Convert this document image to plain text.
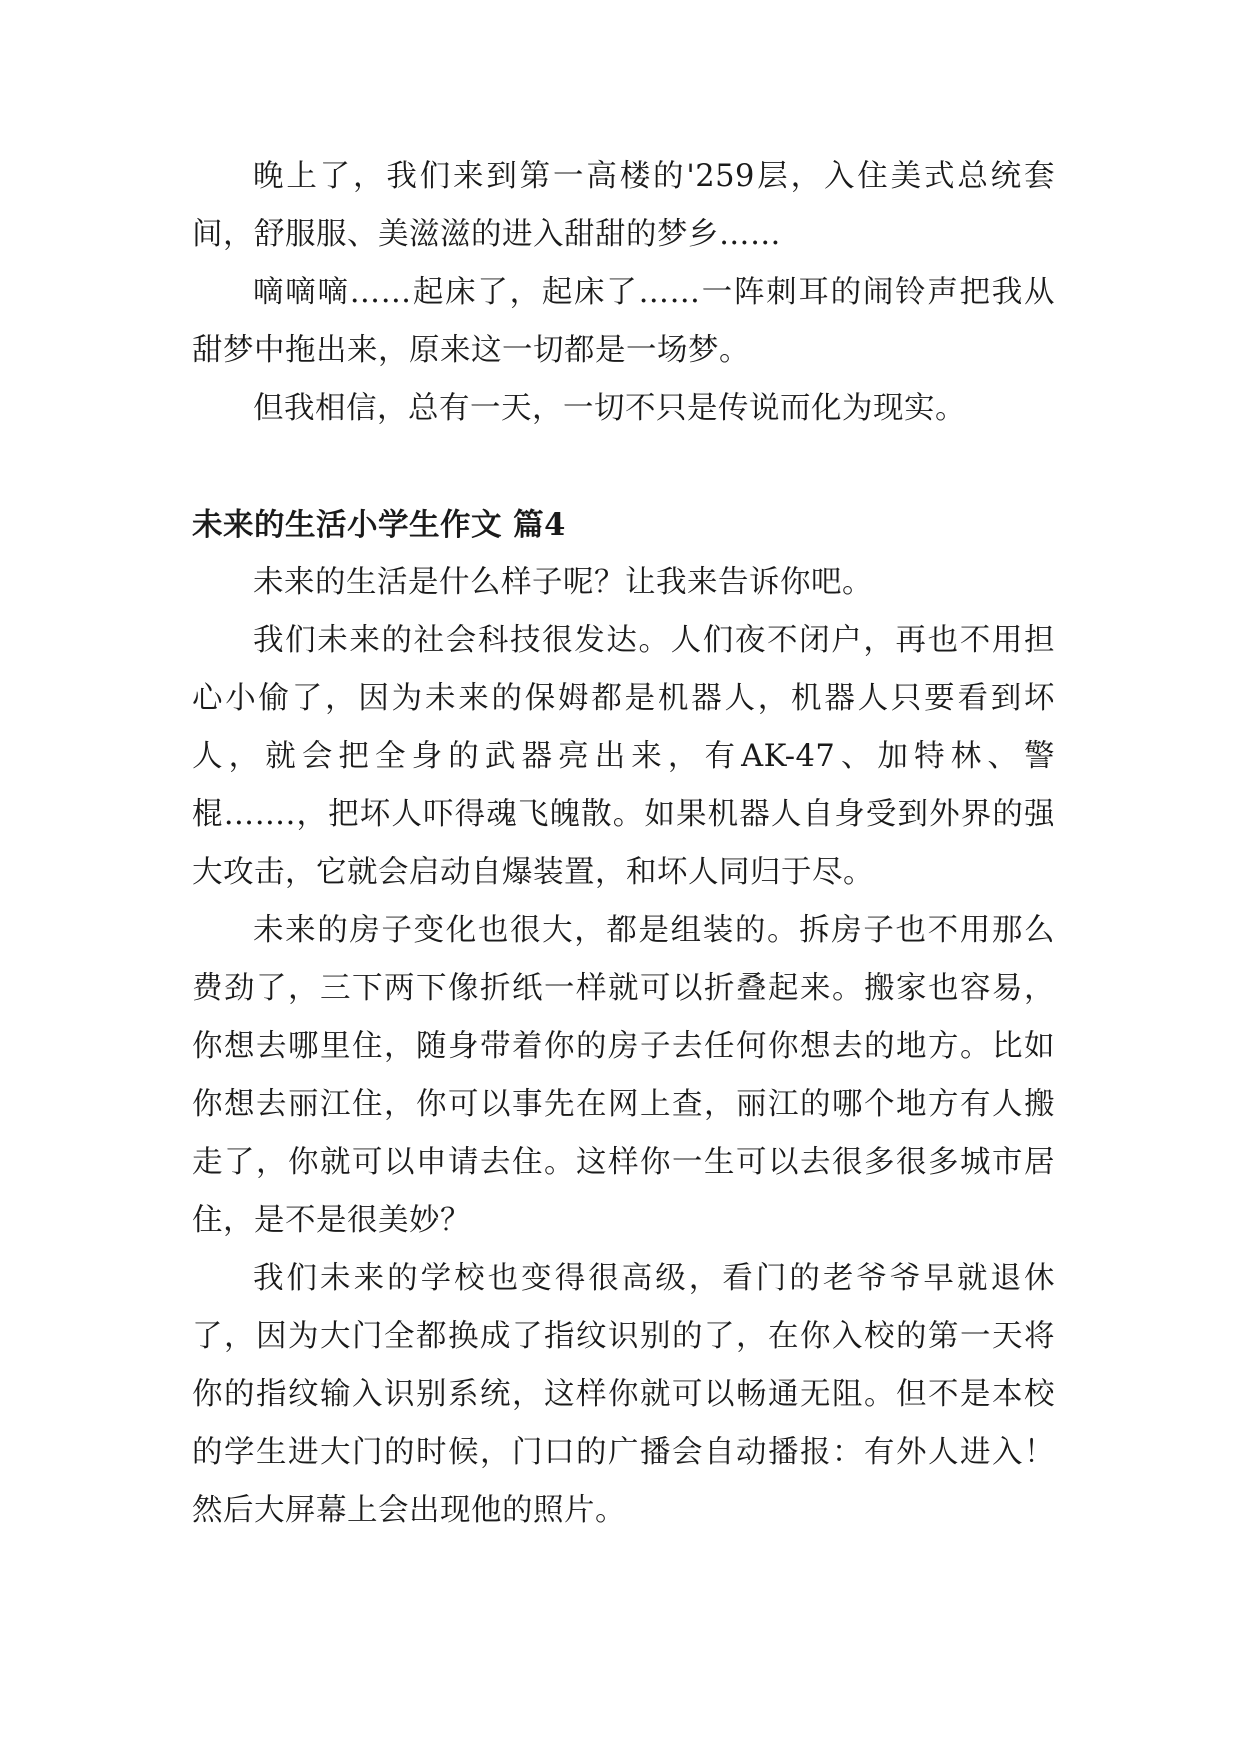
晚上了，我们来到第一高楼的'259层，入住美式总统套间，舒服服、美滋滋的进入甜甜的梦乡……

嘀嘀嘀……起床了，起床了……一阵刺耳的闹铃声把我从甜梦中拖出来，原来这一切都是一场梦。

但我相信，总有一天，一切不只是传说而化为现实。

未来的生活小学生作文 篇4

未来的生活是什么样子呢？让我来告诉你吧。

我们未来的社会科技很发达。人们夜不闭户，再也不用担心小偷了，因为未来的保姆都是机器人，机器人只要看到坏人，就会把全身的武器亮出来，有AK-47、加特林、警棍…….，把坏人吓得魂飞魄散。如果机器人自身受到外界的强大攻击，它就会启动自爆装置，和坏人同归于尽。

未来的房子变化也很大，都是组装的。拆房子也不用那么费劲了，三下两下像折纸一样就可以折叠起来。搬家也容易，你想去哪里住，随身带着你的房子去任何你想去的地方。比如你想去丽江住，你可以事先在网上查，丽江的哪个地方有人搬走了，你就可以申请去住。这样你一生可以去很多很多城市居住，是不是很美妙？

我们未来的学校也变得很高级，看门的老爷爷早就退休了，因为大门全都换成了指纹识别的了，在你入校的第一天将你的指纹输入识别系统，这样你就可以畅通无阻。但不是本校的学生进大门的时候，门口的广播会自动播报：有外人进入！然后大屏幕上会出现他的照片。
